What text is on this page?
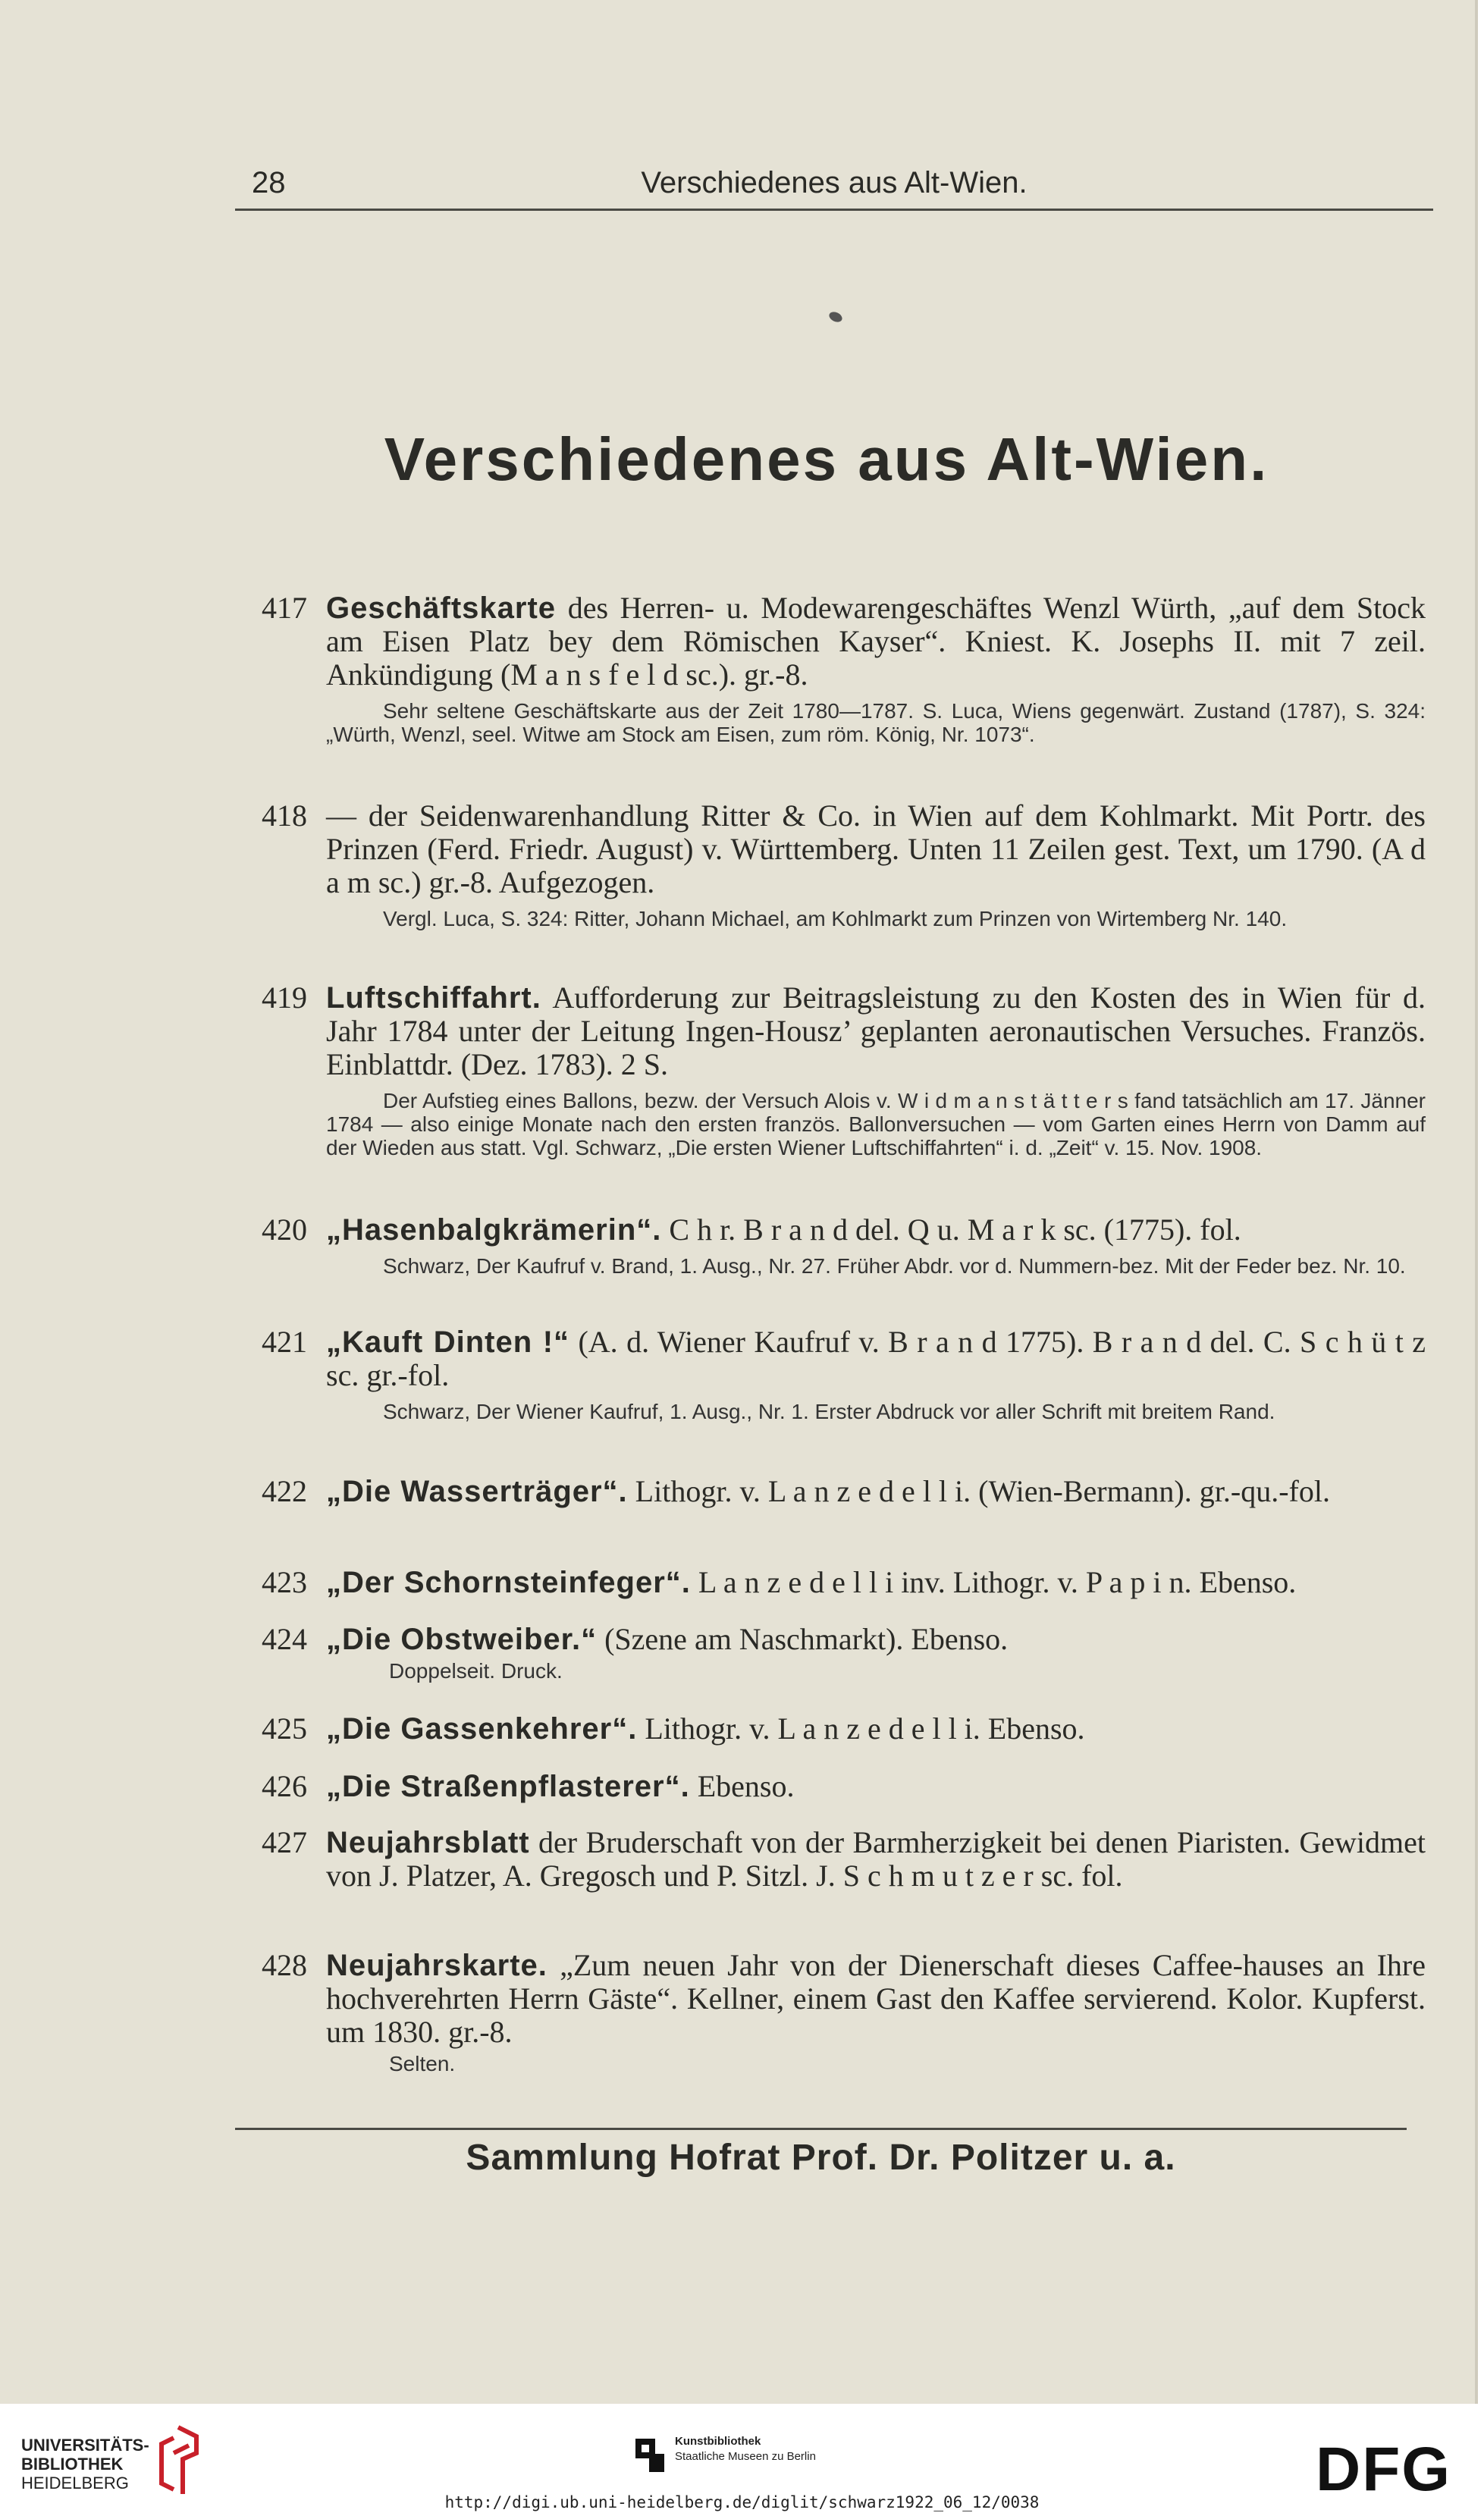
28	Verschiedenes aus Alt-Wien.
Verschiedenes aus Alt-Wien.
417 Geschäftskarte des Herren- u. Modewarengeschäftes Wenzl Würth, „auf dem Stock am Eisen Platz bey dem Römischen Kayser“. Kniest. K. Josephs II. mit 7 zeil. Ankündigung (M a n s f e l d sc.). gr.-8.
Sehr seltene Geschäftskarte aus der Zeit 1780—1787. S. Luca, Wiens gegenwärt. Zustand (1787), S. 324: „Würth, Wenzl, seel. Witwe am Stock am Eisen, zum röm. König, Nr. 1073“.
418 — der Seidenwarenhandlung Ritter & Co. in Wien auf dem Kohlmarkt. Mit Portr. des Prinzen (Ferd. Friedr. August) v. Württemberg. Unten 11 Zeilen gest. Text, um 1790. (A d a m sc.) gr.-8. Aufgezogen.
Vergl. Luca, S. 324: Ritter, Johann Michael, am Kohlmarkt zum Prinzen von Wirtemberg Nr. 140.
419 Luftschiffahrt. Aufforderung zur Beitragsleistung zu den Kosten des in Wien für d. Jahr 1784 unter der Leitung Ingen-Housz’ geplanten aeronautischen Versuches. Französ. Einblattdr. (Dez. 1783). 2 S.
Der Aufstieg eines Ballons, bezw. der Versuch Alois v. W i d m a n s t ä t t e r s fand tatsächlich am 17. Jänner 1784 — also einige Monate nach den ersten französ. Ballonversuchen — vom Garten eines Herrn von Damm auf der Wieden aus statt. Vgl. Schwarz, „Die ersten Wiener Luftschiffahrten“ i. d. „Zeit“ v. 15. Nov. 1908.
420 „Hasenbalgkrämerin“. C h r. B r a n d del. Q u. M a r k sc. (1775). fol.
Schwarz, Der Kaufruf v. Brand, 1. Ausg., Nr. 27. Früher Abdr. vor d. Nummern-bez. Mit der Feder bez. Nr. 10.
421 „Kauft Dinten !“ (A. d. Wiener Kaufruf v. B r a n d 1775). B r a n d del. C. S c h ü t z sc. gr.-fol.
Schwarz, Der Wiener Kaufruf, 1. Ausg., Nr. 1. Erster Abdruck vor aller Schrift mit breitem Rand.
422 „Die Wasserträger“. Lithogr. v. L a n z e d e l l i. (Wien-Bermann). gr.-qu.-fol.
423 „Der Schornsteinfeger“. L a n z e d e l l i inv. Lithogr. v. P a p i n. Ebenso.
424 „Die Obstweiber.“ (Szene am Naschmarkt). Ebenso.
Doppelseit. Druck.
425 „Die Gassenkehrer“. Lithogr. v. L a n z e d e l l i. Ebenso.
426 „Die Straßenpflasterer“. Ebenso.
427 Neujahrsblatt der Bruderschaft von der Barmherzigkeit bei denen Piaristen. Gewidmet von J. Platzer, A. Gregosch und P. Sitzl. J. S c h m u t z e r sc. fol.
428 Neujahrskarte. „Zum neuen Jahr von der Dienerschaft dieses Caffee-hauses an Ihre hochverehrten Herrn Gäste“. Kellner, einem Gast den Kaffee servierend. Kolor. Kupferst. um 1830. gr.-8.
Selten.
Sammlung Hofrat Prof. Dr. Politzer u. a.
UNIVERSITÄTS-
BIBLIOTHEK
HEIDELBERG
Kunstbibliothek
Staatliche Museen zu Berlin	DFG
http://digi.ub.uni-heidelberg.de/diglit/schwarz1922_06_12/0038
